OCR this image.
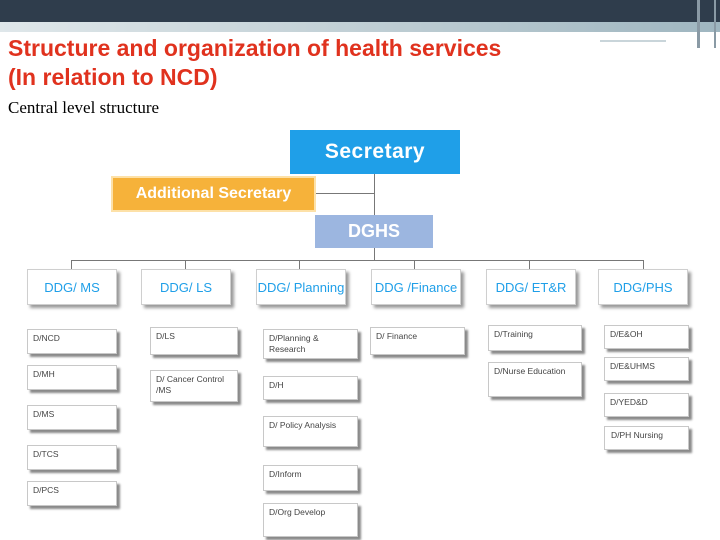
Structure and organization of health services
(In relation to NCD)
Central level structure
Secretary
Additional Secretary
DGHS
DDG/ MS	DDG/ LS	DDG/ Planning DDG /Finance	DDG/ ET&R	DDG/PHS
D/NCD
D/MH
D/MS
D/TCS
D/PCS
D/LS
D/ Cancer Control /MS
D/Planning & Research
D/H
D/ Policy Analysis
D/Inform
D/Org Develop
D/ Finance	D/Training
D/Nurse Education
D/E&OH
D/E&UHMS
D/YED&D
D/PH Nursing
